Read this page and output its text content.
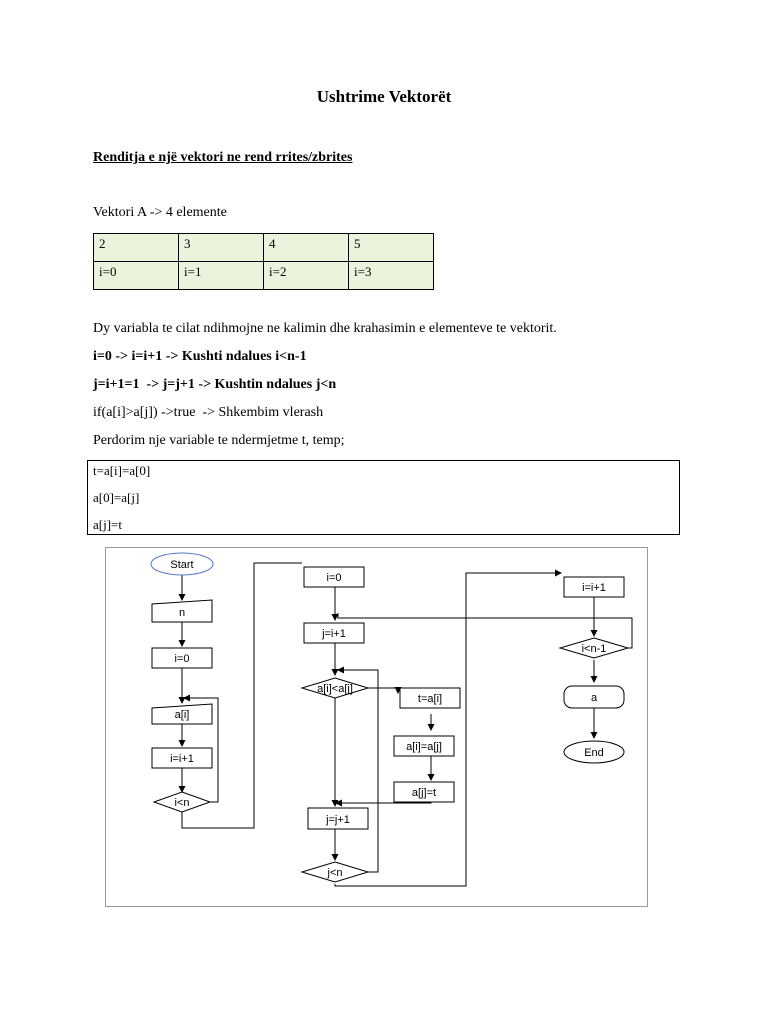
Ushtrime Vektorët
Renditja e një vektori ne rend rrites/zbrites
Vektori A -> 4 elemente
2	3	4	5

i=0	i=1	i=2	i=3
Dy variabla te cilat ndihmojne ne kalimin dhe krahasimin e elementeve te vektorit.
i=0 -> i=i+1 -> Kushti ndalues i<n-1
j=i+1=1  -> j=j+1 -> Kushtin ndalues j<n
if(a[i]>a[j]) ->true  -> Shkembim vlerash
Perdorim nje variable te ndermjetme t, temp;
t=a[i]=a[0]
a[0]=a[j]
a[j]=t
Start
n
i=0
a[i]
i=i+1
i<n
i=0
j=i+1
a[i]<a[j]
t=a[i]
a[i]=a[j]
a[j]=t
j=j+1
j<n
i=i+1
i<n-1
a
End
